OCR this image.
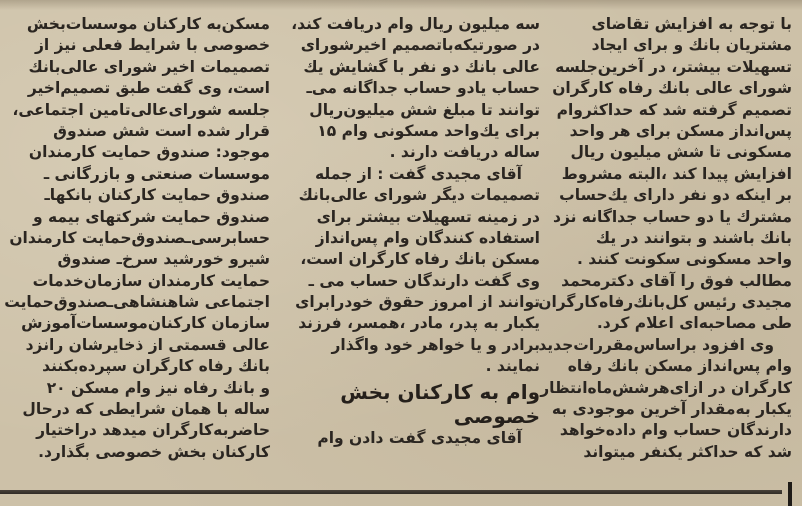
با توجه به افزایش تقاضای
مشتریان بانك و برای ایجاد
تسهیلات بیشتر، در آخرین‌جلسه
شورای عالی بانك رفاه کارگران
تصمیم گرفته شد که حداکثروام
پس‌انداز مسکن برای هر واحد
مسکونی تا شش میلیون ریال
افزایش پیدا کند ،البته مشروط
بر اینکه دو نفر دارای یك‌حساب
مشترك یا دو حساب جداگانه نزد
بانك باشند و بتوانند در یك
واحد مسکونی سکونت کنند .
مطالب فوق را آقای دکترمحمد
مجیدی رئیس کل‌بانك‌رفاه‌کارگران
طی مصاحبه‌ای اعلام کرد.
وی افزود براساس‌مقررات‌جدید
وام پس‌انداز مسکن بانك رفاه
کارگران در ازای‌هرشش‌ماه‌انتظار
یکبار به‌مقدار آخرین موجودی به
دارندگان حساب وام داده‌خواهد
شد که حداکثر یکنفر میتواند
سه میلیون ریال وام دریافت کند،
در صورتیکه‌باتصمیم اخیرشورای
عالی بانك دو نفر با گشایش یك
حساب یادو حساب جداگانه می‌ـ
توانند تا مبلغ شش میلیون‌ریال
برای یك‌واحد مسکونی وام ۱۵
ساله دریافت دارند .
آقای مجیدی گفت : از جمله
تصمیمات دیگر شورای عالی‌بانك
در زمینه تسهیلات بیشتر برای
استفاده کنندگان وام پس‌انداز
مسکن بانك رفاه کارگران است،
وی گفت دارندگان حساب می ـ
توانند از امروز حقوق خودرابرای
یکبار به پدر، مادر ،همسر، فرزند
برادر و یا خواهر خود واگذار
نمایند .
وام به کارکنان بخش
خصوصی
آقای مجیدی گفت دادن وام
مسکن‌به کارکنان موسسات‌بخش
خصوصی با شرایط فعلی نیز از
تصمیمات اخیر شورای عالی‌بانك
است، وی گفت طبق تصمیم‌اخیر
جلسه شورای‌عالی‌تامین اجتماعی،
قرار شده است شش صندوق
موجود: صندوق حمایت کارمندان
موسسات صنعتی و بازرگانی ـ
صندوق حمایت کارکنان بانکها‌ـ
صندوق حمایت شرکتهای بیمه و
حسابرسی‌ـصندوق‌حمایت کارمندان
شیرو خورشید سرخ‌ـ صندوق
حمایت کارمندان سازمان‌خدمات
اجتماعی شاهنشاهی‌ـصندوق‌حمایت
سازمان کارکنان‌موسسات‌آموزش
عالی قسمتی از ذخایرشان رانزد
بانك رفاه کارگران سپرده‌بکنند
و بانك رفاه نیز وام مسکن ۲۰
ساله با همان شرایطی که درحال
حاضربه‌کارگران میدهد دراختیار
کارکنان بخش خصوصی بگذارد.
